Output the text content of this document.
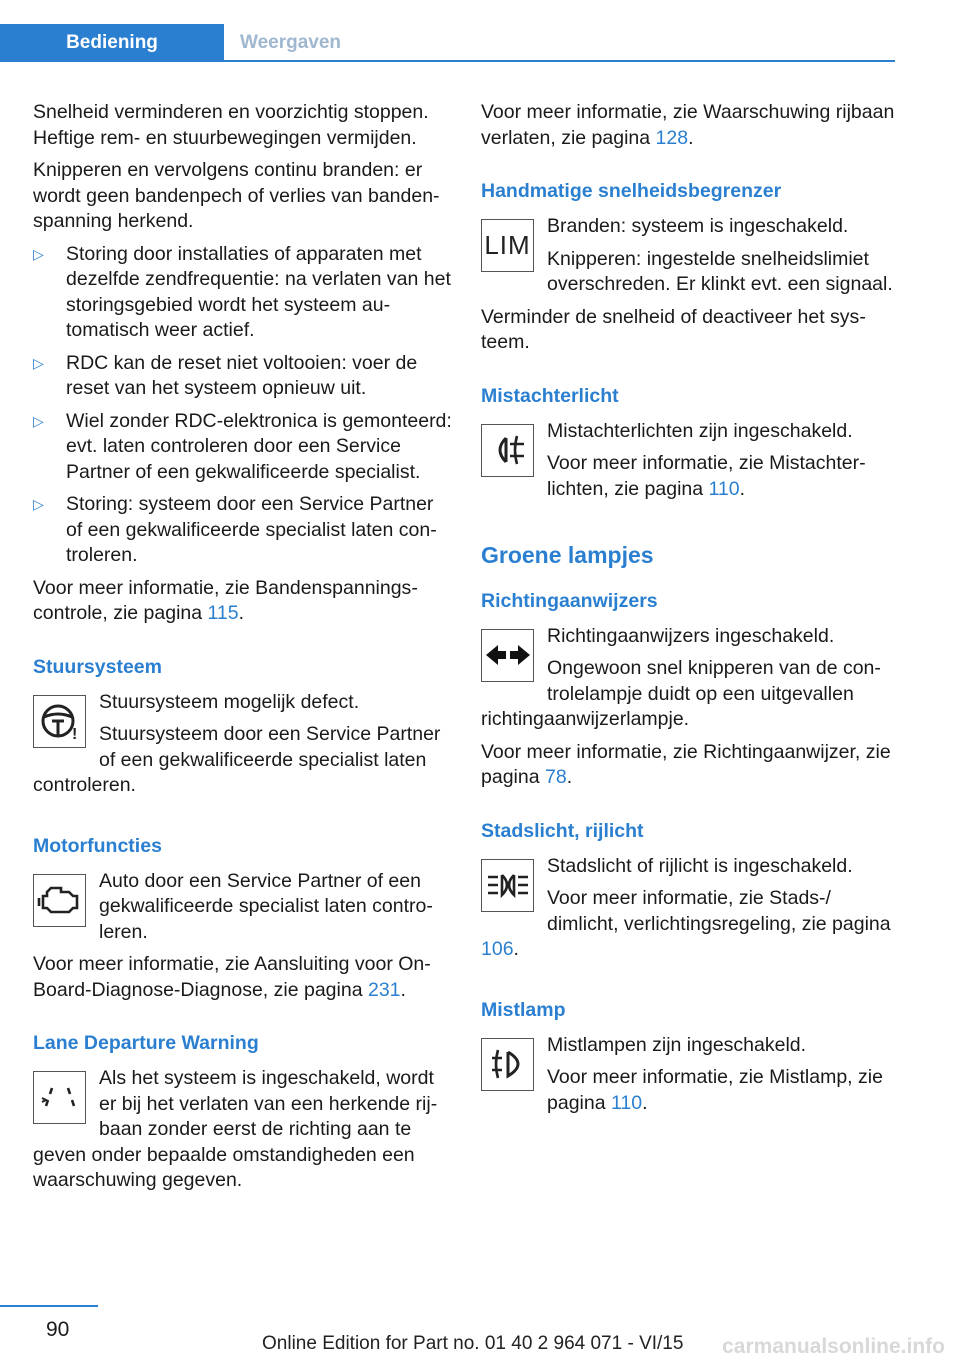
Bediening	Weergaven

Snelheid verminderen en voorzichtig stoppen. Heftige rem- en stuurbewegingen vermijden.

Knipperen en vervolgens continu branden: er wordt geen bandenpech of verlies van bandenspanning herkend.

▷ Storing door installaties of apparaten met dezelfde zendfrequentie: na verlaten van het storingsgebied wordt het systeem automatisch weer actief.
▷ RDC kan de reset niet voltooien: voer de reset van het systeem opnieuw uit.
▷ Wiel zonder RDC-elektronica is gemonteerd: evt. laten controleren door een Service Partner of een gekwalificeerde specialist.
▷ Storing: systeem door een Service Partner of een gekwalificeerde specialist laten controleren.

Voor meer informatie, zie Bandenspanningscontrole, zie pagina 115.

Stuursysteem
!

Stuursysteem mogelijk defect.

Stuursysteem door een Service Partner of een gekwalificeerde specialist laten controleren.

Motorfuncties

Auto door een Service Partner of een gekwalificeerde specialist laten controleren.

Voor meer informatie, zie Aansluiting voor On-Board-Diagnose-Diagnose, zie pagina 231.

Lane Departure Warning

Als het systeem is ingeschakeld, wordt er bij het verlaten van een herkende rijbaan zonder eerst de richting aan te geven onder bepaalde omstandigheden een waarschuwing gegeven.

Voor meer informatie, zie Waarschuwing rijbaan verlaten, zie pagina 128.

Handmatige snelheidsbegrenzer
LIM

Branden: systeem is ingeschakeld.

Knipperen: ingestelde snelheidslimiet overschreden. Er klinkt evt. een signaal.

Verminder de snelheid of deactiveer het systeem.

Mistachterlicht

Mistachterlichten zijn ingeschakeld.

Voor meer informatie, zie Mistachterlichten, zie pagina 110.

Groene lampjes
Richtingaanwijzers

Richtingaanwijzers ingeschakeld.

Ongewoon snel knipperen van de controlelampje duidt op een uitgevallen richtingaanwijzerlampje.

Voor meer informatie, zie Richtingaanwijzer, zie pagina 78.

Stadslicht, rijlicht

Stadslicht of rijlicht is ingeschakeld.

Voor meer informatie, zie Stads-/ dimlicht, verlichtingsregeling, zie pagina 106.

Mistlamp

Mistlampen zijn ingeschakeld.

Voor meer informatie, zie Mistlamp, zie pagina 110.

90
Online Edition for Part no. 01 40 2 964 071 - VI/15 carmanualsonline.info
